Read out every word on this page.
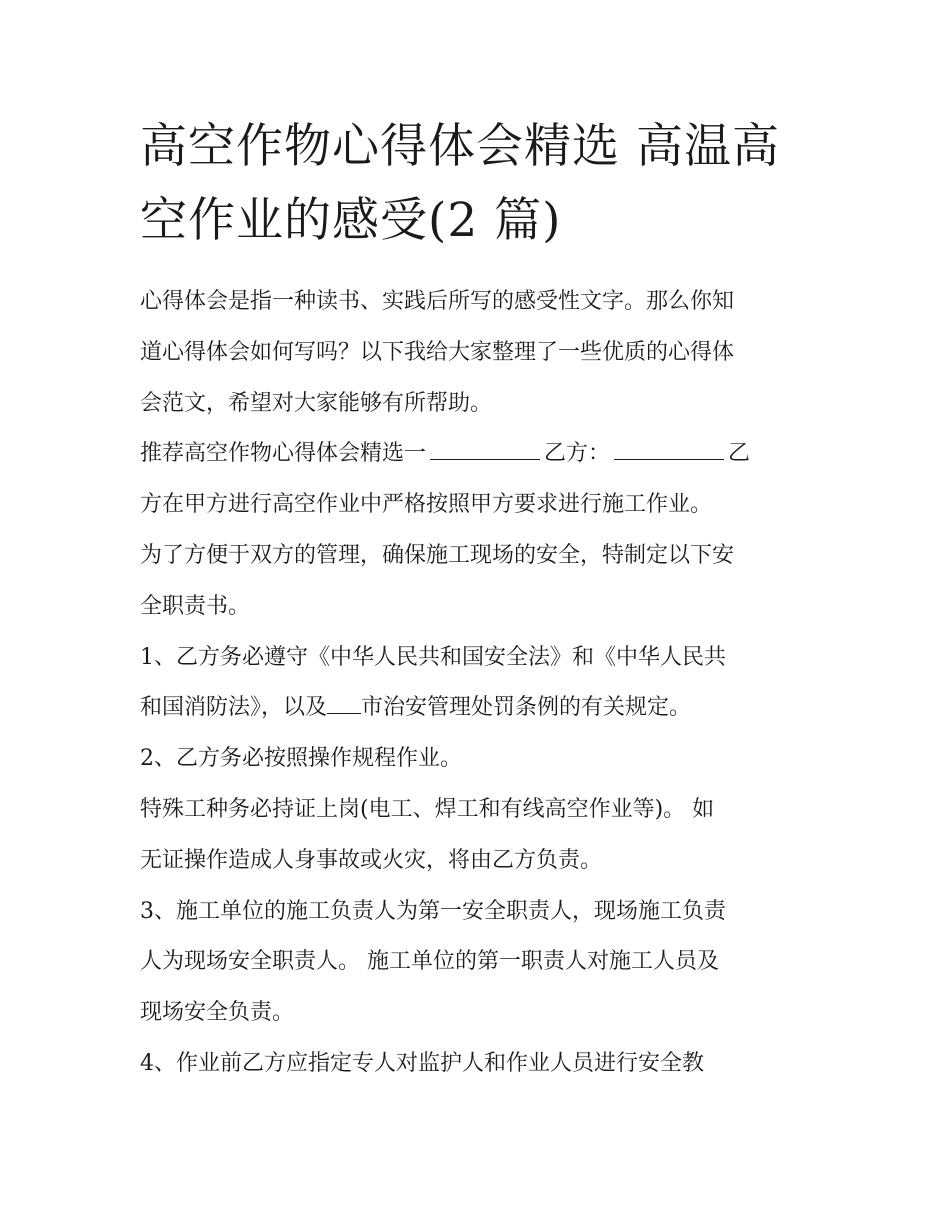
高空作物心得体会精选 高温高
空作业的感受(2 篇)

心得体会是指一种读书、实践后所写的感受性文字。那么你知
道心得体会如何写吗？以下我给大家整理了一些优质的心得体
会范文，希望对大家能够有所帮助。

推荐高空作物心得体会精选一	乙方：	乙
方在甲方进行高空作业中严格按照甲方要求进行施工作业。

为了方便于双方的管理，确保施工现场的安全，特制定以下安
全职责书。

1、乙方务必遵守《中华人民共和国安全法》和《中华人民共
和国消防法》，以及 市治安管理处罚条例的有关规定。

2、乙方务必按照操作规程作业。

特殊工种务必持证上岗(电工、焊工和有线高空作业等)。 如
无证操作造成人身事故或火灾，将由乙方负责。

3、施工单位的施工负责人为第一安全职责人，现场施工负责
人为现场安全职责人。 施工单位的第一职责人对施工人员及
现场安全负责。

4、作业前乙方应指定专人对监护人和作业人员进行安全教
